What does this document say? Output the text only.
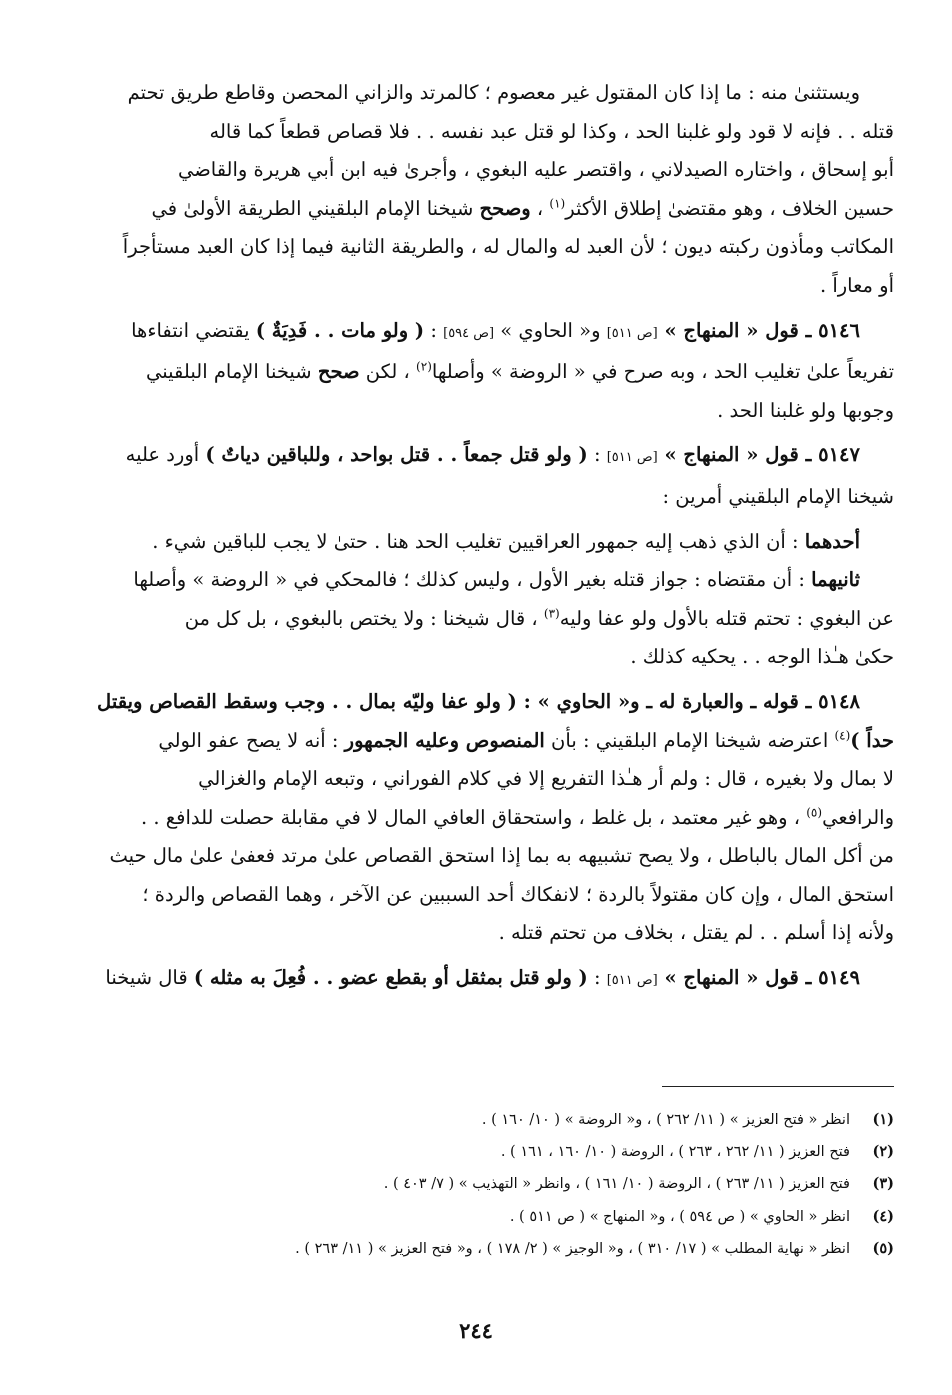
ويستثنىٰ منه : ما إذا كان المقتول غير معصوم ؛ كالمرتد والزاني المحصن وقاطع طريق تحتم
قتله . . فإنه لا قود ولو غلبنا الحد ، وكذا لو قتل عبد نفسه . . فلا قصاص قطعاً كما قاله
أبو إسحاق ، واختاره الصيدلاني ، واقتصر عليه البغوي ، وأجرىٰ فيه ابن أبي هريرة والقاضي
حسين الخلاف ، وهو مقتضىٰ إطلاق الأكثر$^{(١)}$ ، وصحح شيخنا الإمام البلقيني الطريقة الأولىٰ في
المكاتب ومأذون ركبته ديون ؛ لأن العبد له والمال له ، والطريقة الثانية فيما إذا كان العبد مستأجراً
أو معاراً .
٥١٤٦ ـ قول « المنهاج » [ص ٥١١] و« الحاوي » [ص ٥٩٤] : ( ولو مات . . فَدِيَةٌ ) يقتضي انتفاءها
تفريعاً علىٰ تغليب الحد ، وبه صرح في « الروضة » وأصلها$^{(٢)}$ ، لكن صحح شيخنا الإمام البلقيني
وجوبها ولو غلبنا الحد .
٥١٤٧ ـ قول « المنهاج » [ص ٥١١] : ( ولو قتل جمعاً . . قتل بواحد ، وللباقين دياتٌ ) أورد عليه
شيخنا الإمام البلقيني أمرين :
أحدهما : أن الذي ذهب إليه جمهور العراقيين تغليب الحد هنا . حتىٰ لا يجب للباقين شيء .
ثانيهما : أن مقتضاه : جواز قتله بغير الأول ، وليس كذلك ؛ فالمحكي في « الروضة » وأصلها
عن البغوي : تحتم قتله بالأول ولو عفا وليه$^{(٣)}$ ، قال شيخنا : ولا يختص بالبغوي ، بل كل من
حكىٰ هـٰذا الوجه . . يحكيه كذلك .
٥١٤٨ ـ قوله ـ والعبارة له ـ و« الحاوي » : ( ولو عفا وليّه بمال . . وجب وسقط القصاص ويقتل
حداً )$^{(٤)}$ اعترضه شيخنا الإمام البلقيني : بأن المنصوص وعليه الجمهور : أنه لا يصح عفو الولي
لا بمال ولا بغيره ، قال : ولم أر هـٰذا التفريع إلا في كلام الفوراني ، وتبعه الإمام والغزالي
والرافعي$^{(٥)}$ ، وهو غير معتمد ، بل غلط ، واستحقاق العافي المال لا في مقابلة حصلت للدافع . .
من أكل المال بالباطل ، ولا يصح تشبيهه به بما إذا استحق القصاص علىٰ مرتد فعفىٰ علىٰ مال حيث
استحق المال ، وإن كان مقتولاً بالردة ؛ لانفكاك أحد السببين عن الآخر ، وهما القصاص والردة ؛
ولأنه إذا أسلم . . لم يقتل ، بخلاف من تحتم قتله .
٥١٤٩ ـ قول « المنهاج » [ص ٥١١] : ( ولو قتل بمثقل أو بقطع عضو . . فُعِلَ به مثله ) قال شيخنا
(١)انظر « فتح العزيز » ( ١١/ ٢٦٢ ) ، و« الروضة » ( ١٠/ ١٦٠ ) .
(٢)فتح العزيز ( ١١/ ٢٦٢ ، ٢٦٣ ) ، الروضة ( ١٠/ ١٦٠ ، ١٦١ ) .
(٣)فتح العزيز ( ١١/ ٢٦٣ ) ، الروضة ( ١٠/ ١٦١ ) ، وانظر « التهذيب » ( ٧/ ٤٠٣ ) .
(٤)انظر « الحاوي » ( ص ٥٩٤ ) ، و« المنهاج » ( ص ٥١١ ) .
(٥)انظر « نهاية المطلب » ( ١٧/ ٣١٠ ) ، و« الوجيز » ( ٢/ ١٧٨ ) ، و« فتح العزيز » ( ١١/ ٢٦٣ ) .
٢٤٤
